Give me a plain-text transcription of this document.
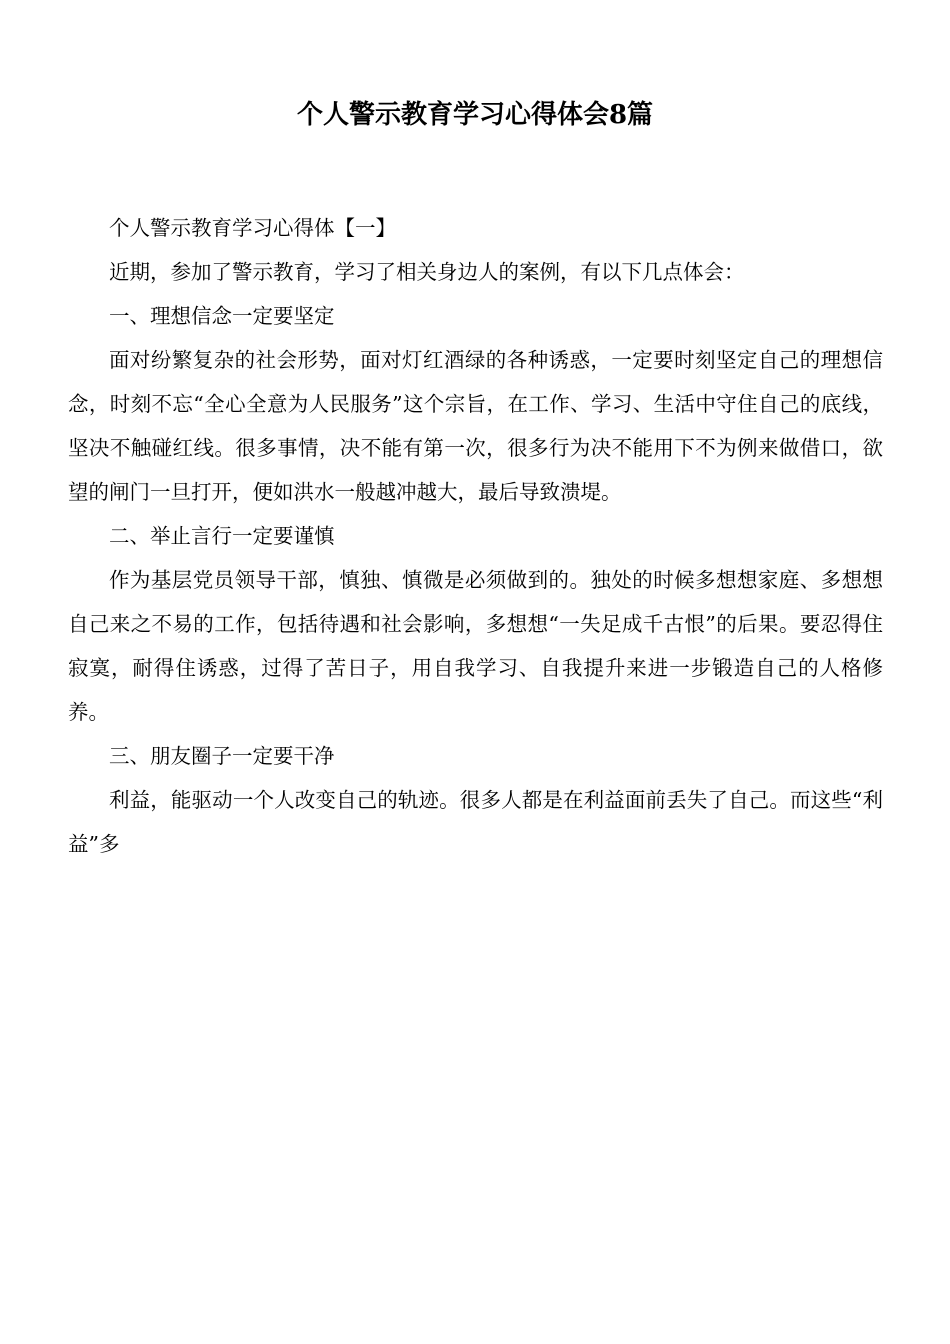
个人警示教育学习心得体会8篇

个人警示教育学习心得体【一】

近期，参加了警示教育，学习了相关身边人的案例，有以下几点体会：

一、理想信念一定要坚定

面对纷繁复杂的社会形势，面对灯红酒绿的各种诱惑，一定要时刻坚定自己的理想信念，时刻不忘“全心全意为人民服务”这个宗旨，在工作、学习、生活中守住自己的底线，坚决不触碰红线。很多事情，决不能有第一次，很多行为决不能用下不为例来做借口，欲望的闸门一旦打开，便如洪水一般越冲越大，最后导致溃堤。

二、举止言行一定要谨慎

作为基层党员领导干部，慎独、慎微是必须做到的。独处的时候多想想家庭、多想想自己来之不易的工作，包括待遇和社会影响，多想想“一失足成千古恨”的后果。要忍得住寂寞，耐得住诱惑，过得了苦日子，用自我学习、自我提升来进一步锻造自己的人格修养。

三、朋友圈子一定要干净

利益，能驱动一个人改变自己的轨迹。很多人都是在利益面前丢失了自己。而这些“利益”多
